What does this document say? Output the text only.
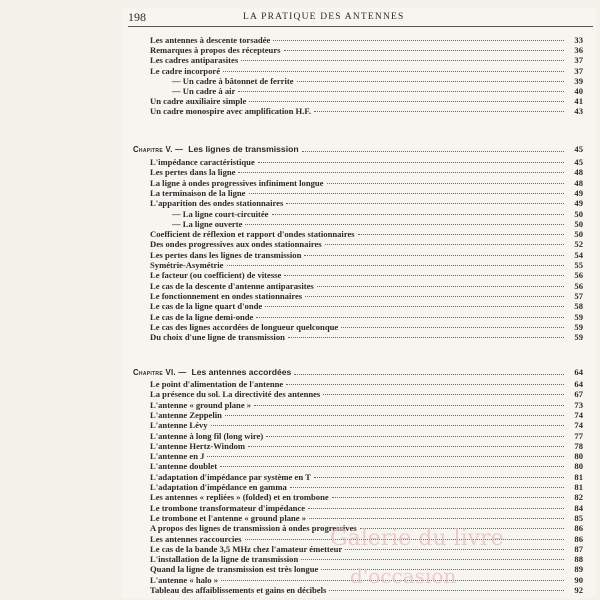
198	LA PRATIQUE DES ANTENNES
Les antennes à descente torsadée	33
Remarques à propos des récepteurs	36
Les cadres antiparasites	37
Le cadre incorporé	37
— Un cadre à bâtonnet de ferrite	39
— Un cadre à air	40
Un cadre auxiliaire simple	41
Un cadre monospire avec amplification H.F.	43
Chapitre V. — Les lignes de transmission	45
L'impédance caractéristique	45
Les pertes dans la ligne	48
La ligne à ondes progressives infiniment longue	48
La terminaison de la ligne	49
L'apparition des ondes stationnaires	49
— La ligne court-circuitée	50
— La ligne ouverte	50
Coefficient de réflexion et rapport d'ondes stationnaires	50
Des ondes progressives aux ondes stationnaires	52
Les pertes dans les lignes de transmission	54
Symétrie-Asymétrie	55
Le facteur (ou coefficient) de vitesse	56
Le cas de la descente d'antenne antiparasites	56
Le fonctionnement en ondes stationnaires	57
Le cas de la ligne quart d'onde	58
Le cas de la ligne demi-onde	59
Le cas des lignes accordées de longueur quelconque	59
Du choix d'une ligne de transmission	59
Chapitre VI. — Les antennes accordées	64
Le point d'alimentation de l'antenne	64
La présence du sol. La directivité des antennes	67
L'antenne « ground plane »	73
L'antenne Zeppelin	74
L'antenne Lévy	74
L'antenne à long fil (long wire)	77
L'antenne Hertz-Windom	78
L'antenne en J	80
L'antenne doublet	80
L'adaptation d'impédance par système en T	81
L'adaptation d'impédance en gamma	81
Les antennes « repliées » (folded) et en trombone	82
Le trombone transformateur d'impédance	84
Le trombone et l'antenne « ground plane »	85
A propos des lignes de transmission à ondes progressives	86
Les antennes raccourcies	86
Le cas de la bande 3,5 MHz chez l'amateur émetteur	87
L'installation de la ligne de transmission	88
Quand la ligne de transmission est très longue	89
L'antenne « halo »	90
Tableau des affaiblissements et gains en décibels	92
Galerie du livre
d'occasion
